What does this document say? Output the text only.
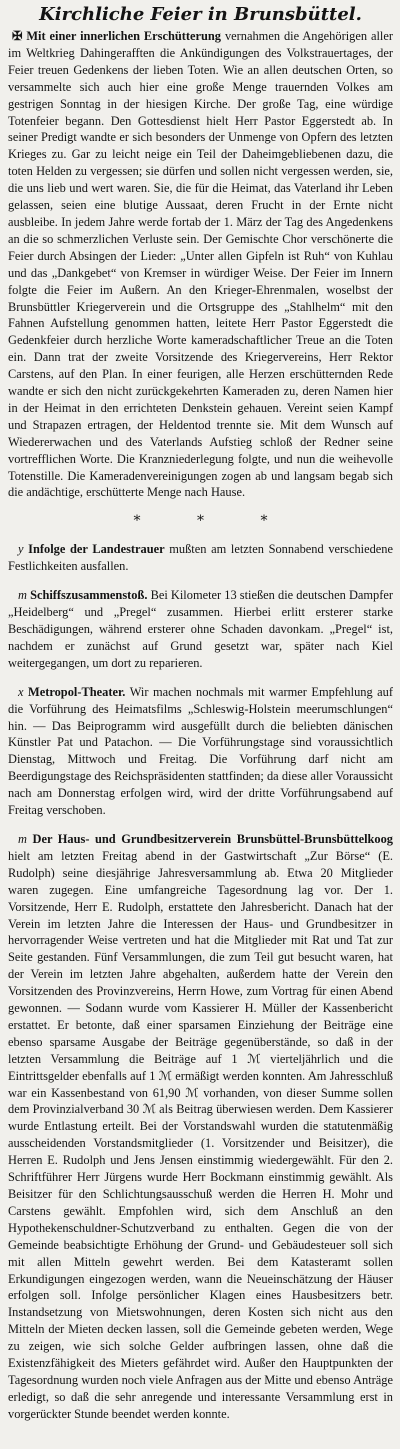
Kirchliche Feier in Brunsbüttel.

✠ Mit einer innerlichen Erschütterung vernahmen die Angehörigen aller im Weltkrieg Dahingerafften die Ankündigungen des Volkstrauertages, der Feier treuen Gedenkens der lieben Toten. Wie an allen deutschen Orten, so versammelte sich auch hier eine große Menge trauernden Volkes am gestrigen Sonntag in der hiesigen Kirche. Der große Tag, eine würdige Totenfeier begann. Den Gottesdienst hielt Herr Pastor Eggerstedt ab. In seiner Predigt wandte er sich besonders der Unmenge von Opfern des letzten Krieges zu. Gar zu leicht neige ein Teil der Daheimgebliebenen dazu, die toten Helden zu vergessen; sie dürfen und sollen nicht vergessen werden, sie, die uns lieb und wert waren. Sie, die für die Heimat, das Vaterland ihr Leben gelassen, seien eine blutige Aussaat, deren Frucht in der Ernte nicht ausbleibe. In jedem Jahre werde fortab der 1. März der Tag des Angedenkens an die so schmerzlichen Verluste sein. Der Gemischte Chor verschönerte die Feier durch Absingen der Lieder: „Unter allen Gipfeln ist Ruh“ von Kuhlau und das „Dankgebet“ von Kremser in würdiger Weise. Der Feier im Innern folgte die Feier im Außern. An den Krieger-Ehrenmalen, woselbst der Brunsbüttler Kriegerverein und die Ortsgruppe des „Stahlhelm“ mit den Fahnen Aufstellung genommen hatten, leitete Herr Pastor Eggerstedt die Gedenkfeier durch herzliche Worte kameradschaftlicher Treue an die Toten ein. Dann trat der zweite Vorsitzende des Kriegervereins, Herr Rektor Carstens, auf den Plan. In einer feurigen, alle Herzen erschütternden Rede wandte er sich den nicht zurückgekehrten Kameraden zu, deren Namen hier in der Heimat in den errichteten Denkstein gehauen. Vereint seien Kampf und Strapazen ertragen, der Heldentod trennte sie. Mit dem Wunsch auf Wiedererwachen und des Vaterlands Aufstieg schloß der Redner seine vortrefflichen Worte. Die Kranzniederlegung folgte, und nun die weihevolle Totenstille. Die Kameradenvereinigungen zogen ab und langsam begab sich die andächtige, erschütterte Menge nach Hause.

* * *

y Infolge der Landestrauer mußten am letzten Sonnabend verschiedene Festlichkeiten ausfallen.

m Schiffszusammenstoß. Bei Kilometer 13 stießen die deutschen Dampfer „Heidelberg“ und „Pregel“ zusammen. Hierbei erlitt ersterer starke Beschädigungen, während ersterer ohne Schaden davonkam. „Pregel“ ist, nachdem er zunächst auf Grund gesetzt war, später nach Kiel weitergegangen, um dort zu reparieren.

x Metropol-Theater. Wir machen nochmals mit warmer Empfehlung auf die Vorführung des Heimatsfilms „Schleswig-Holstein meerumschlungen“ hin. — Das Beiprogramm wird ausgefüllt durch die beliebten dänischen Künstler Pat und Patachon. — Die Vorführungstage sind voraussichtlich Dienstag, Mittwoch und Freitag. Die Vorführung darf nicht am Beerdigungstage des Reichspräsidenten stattfinden; da diese aller Voraussicht nach am Donnerstag erfolgen wird, wird der dritte Vorführungsabend auf Freitag verschoben.

m Der Haus- und Grundbesitzerverein Brunsbüttel-Brunsbüttelkoog hielt am letzten Freitag abend in der Gastwirtschaft „Zur Börse“ (E. Rudolph) seine diesjährige Jahresversammlung ab. Etwa 20 Mitglieder waren zugegen. Eine umfangreiche Tagesordnung lag vor. Der 1. Vorsitzende, Herr E. Rudolph, erstattete den Jahresbericht. Danach hat der Verein im letzten Jahre die Interessen der Haus- und Grundbesitzer in hervorragender Weise vertreten und hat die Mitglieder mit Rat und Tat zur Seite gestanden. Fünf Versammlungen, die zum Teil gut besucht waren, hat der Verein im letzten Jahre abgehalten, außerdem hatte der Verein den Vorsitzenden des Provinzvereins, Herrn Howe, zum Vortrag für einen Abend gewonnen. — Sodann wurde vom Kassierer H. Müller der Kassenbericht erstattet. Er betonte, daß einer sparsamen Einziehung der Beiträge eine ebenso sparsame Ausgabe der Beiträge gegenüberstände, so daß in der letzten Versammlung die Beiträge auf 1 ℳ vierteljährlich und die Eintrittsgelder ebenfalls auf 1 ℳ ermäßigt werden konnten. Am Jahresschluß war ein Kassenbestand von 61,90 ℳ vorhanden, von dieser Summe sollen dem Provinzialverband 30 ℳ als Beitrag überwiesen werden. Dem Kassierer wurde Entlastung erteilt. Bei der Vorstandswahl wurden die statutenmäßig ausscheidenden Vorstandsmitglieder (1. Vorsitzender und Beisitzer), die Herren E. Rudolph und Jens Jensen einstimmig wiedergewählt. Für den 2. Schriftführer Herr Jürgens wurde Herr Bockmann einstimmig gewählt. Als Beisitzer für den Schlichtungsausschuß werden die Herren H. Mohr und Carstens gewählt. Empfohlen wird, sich dem Anschluß an den Hypothekenschuldner-Schutzverband zu enthalten. Gegen die von der Gemeinde beabsichtigte Erhöhung der Grund- und Gebäudesteuer soll sich mit allen Mitteln gewehrt werden. Bei dem Katasteramt sollen Erkundigungen eingezogen werden, wann die Neueinschätzung der Häuser erfolgen soll. Infolge persönlicher Klagen eines Hausbesitzers betr. Instandsetzung von Mietswohnungen, deren Kosten sich nicht aus den Mitteln der Mieten decken lassen, soll die Gemeinde gebeten werden, Wege zu zeigen, wie sich solche Gelder aufbringen lassen, ohne daß die Existenzfähigkeit des Mieters gefährdet wird. Außer den Hauptpunkten der Tagesordnung wurden noch viele Anfragen aus der Mitte und ebenso Anträge erledigt, so daß die sehr anregende und interessante Versammlung erst in vorgerückter Stunde beendet werden konnte.
